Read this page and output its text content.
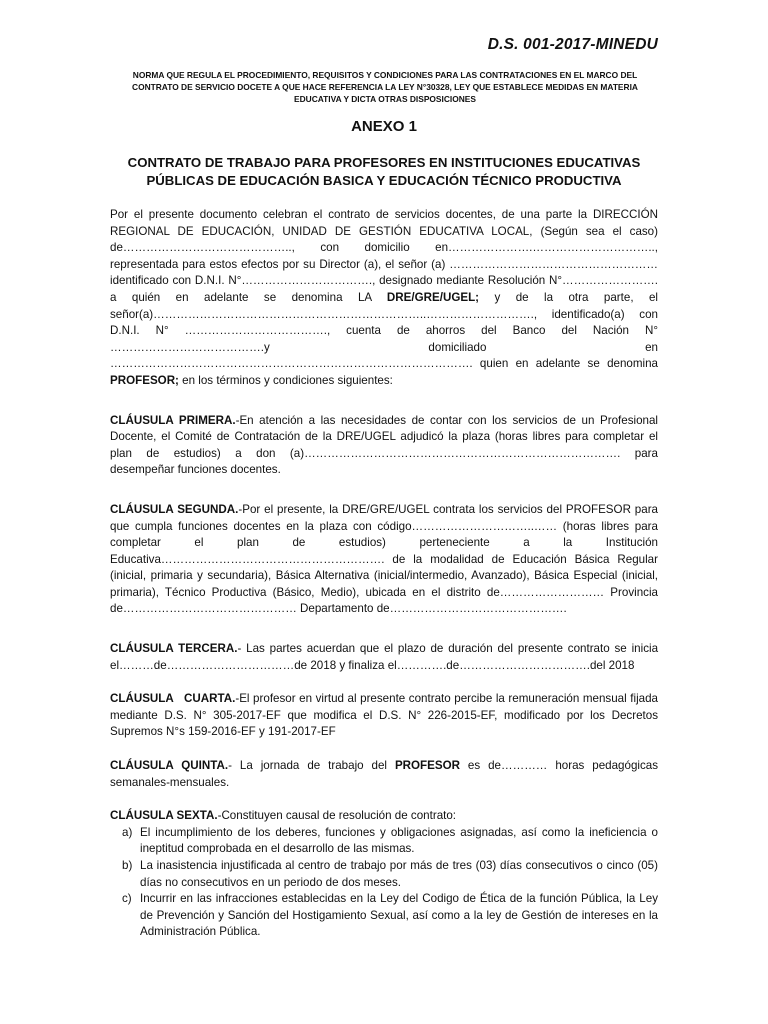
D.S. 001-2017-MINEDU
NORMA QUE REGULA EL PROCEDIMIENTO, REQUISITOS Y CONDICIONES PARA LAS CONTRATACIONES EN EL MARCO DEL CONTRATO DE SERVICIO DOCETE A QUE HACE REFERENCIA LA LEY N°30328, LEY QUE ESTABLECE MEDIDAS EN MATERIA EDUCATIVA Y DICTA OTRAS DISPOSICIONES
ANEXO 1
CONTRATO DE TRABAJO PARA PROFESORES EN INSTITUCIONES EDUCATIVAS PÚBLICAS DE EDUCACIÓN BASICA Y EDUCACIÓN TÉCNICO PRODUCTIVA

Por el presente documento celebran el contrato de servicios docentes, de una parte la DIRECCIÓN REGIONAL DE EDUCACIÓN, UNIDAD DE GESTIÓN EDUCATIVA LOCAL, (Según sea el caso) de…………………………………….., con domicilio en………………….………………………….., representada para estos efectos por su Director (a), el señor (a) ……………………………………………… identificado con D.N.I. N°……………………………., designado mediante Resolución N°……………………. a quién en adelante se denomina LA DRE/GRE/UGEL; y de la otra parte, el señor(a)……………………………………………………………..………………………., identificado(a) con D.N.I. N° ………………………………., cuenta de ahorros del Banco del Nación N° ………………………………….y domiciliado en …………………………………………………………………………………. quien en adelante se denomina PROFESOR; en los términos y condiciones siguientes:

CLÁUSULA PRIMERA.-En atención a las necesidades de contar con los servicios de un Profesional Docente, el Comité de Contratación de la DRE/UGEL adjudicó la plaza (horas libres para completar el plan de estudios) a don (a)………………………………………………………………………. para desempeñar funciones docentes.

CLÁUSULA SEGUNDA.-Por el presente, la DRE/GRE/UGEL contrata los servicios del PROFESOR para que cumpla funciones docentes en la plaza con código…………………………..…… (horas libres para completar el plan de estudios) perteneciente a la Institución Educativa…………………………………………………. de la modalidad de Educación Básica Regular (inicial, primaria y secundaria), Básica Alternativa (inicial/intermedio, Avanzado), Básica Especial (inicial, primaria), Técnico Productiva (Básico, Medio), ubicada en el distrito de……………………… Provincia de……………………………………… Departamento de……………………………………….

CLÁUSULA TERCERA.- Las partes acuerdan que el plazo de duración del presente contrato se inicia el………de……………………………de 2018 y finaliza el………….de…………………………….del 2018

CLÁUSULA   CUARTA.-El profesor en virtud al presente contrato percibe la remuneración mensual fijada mediante D.S. N° 305-2017-EF que modifica el D.S. N° 226-2015-EF, modificado por los Decretos Supremos N°s 159-2016-EF y 191-2017-EF

CLÁUSULA QUINTA.- La jornada de trabajo del PROFESOR es de………… horas pedagógicas semanales-mensuales.

CLÁUSULA SEXTA.-Constituyen causal de resolución de contrato:

a) El incumplimiento de los deberes, funciones y obligaciones asignadas, así como la ineficiencia o ineptitud comprobada en el desarrollo de las mismas.
b) La inasistencia injustificada al centro de trabajo por más de tres (03) días consecutivos o cinco (05) días no consecutivos en un periodo de dos meses.
c) Incurrir en las infracciones establecidas en la Ley del Codigo de Ética de la función Pública, la Ley de Prevención y Sanción del Hostigamiento Sexual, así como a la ley de Gestión de intereses en la Administración Pública.
